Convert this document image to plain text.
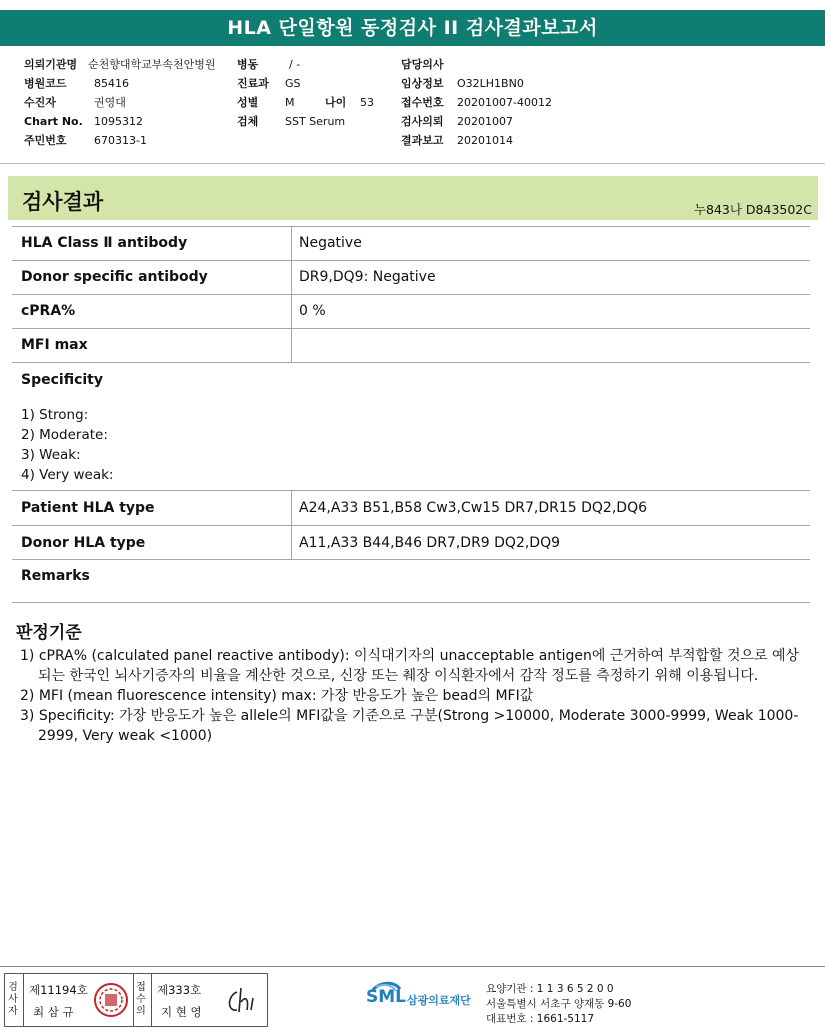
HLA 단일항원 동정검사 II 검사결과보고서
의뢰기관명 순천향대학교부속천안병원
병원코드 85416
수진자	권영대
Chart No. 1095312
주민번호 670313-1
병동	/ -
진료과 GS
성별 M	나이 53
검체 SST Serum
담당의사
임상정보 O32LH1BN0
접수번호 20201007-40012
검사의뢰 20201007
결과보고 20201014
검사결과	누843나 D843502C
HLA Class Ⅱ antibody	Negative
Donor specific antibody	DR9,DQ9: Negative
cPRA%	0 %
MFI max
Specificity
1) Strong:
2) Moderate:
3) Weak:
4) Very weak:
Patient HLA type	A24,A33 B51,B58 Cw3,Cw15 DR7,DR15 DQ2,DQ6
Donor HLA type	A11,A33 B44,B46 DR7,DR9 DQ2,DQ9
Remarks
판정기준
1) cPRA% (calculated panel reactive antibody): 이식대기자의 unacceptable antigen에 근거하여 부적합할 것으로 예상되는 한국인 뇌사기증자의 비율을 계산한 것으로, 신장 또는 췌장 이식환자에서 감작 정도를 측정하기 위해 이용됩니다.
2) MFI (mean fluorescence intensity) max: 가장 반응도가 높은 bead의 MFI값
3) Specificity: 가장 반응도가 높은 allele의 MFI값을 기준으로 구분(Strong >10000, Moderate 3000-9999, Weak 1000-2999, Very weak <1000)
검사자
제11194호
최 삼 규
접수의
제333호
지 현 영
SML 삼광의료재단
요양기관 : 1 1 3 6 5 2 0 0
서울특별시 서초구 양재동 9-60
대표번호 : 1661-5117
